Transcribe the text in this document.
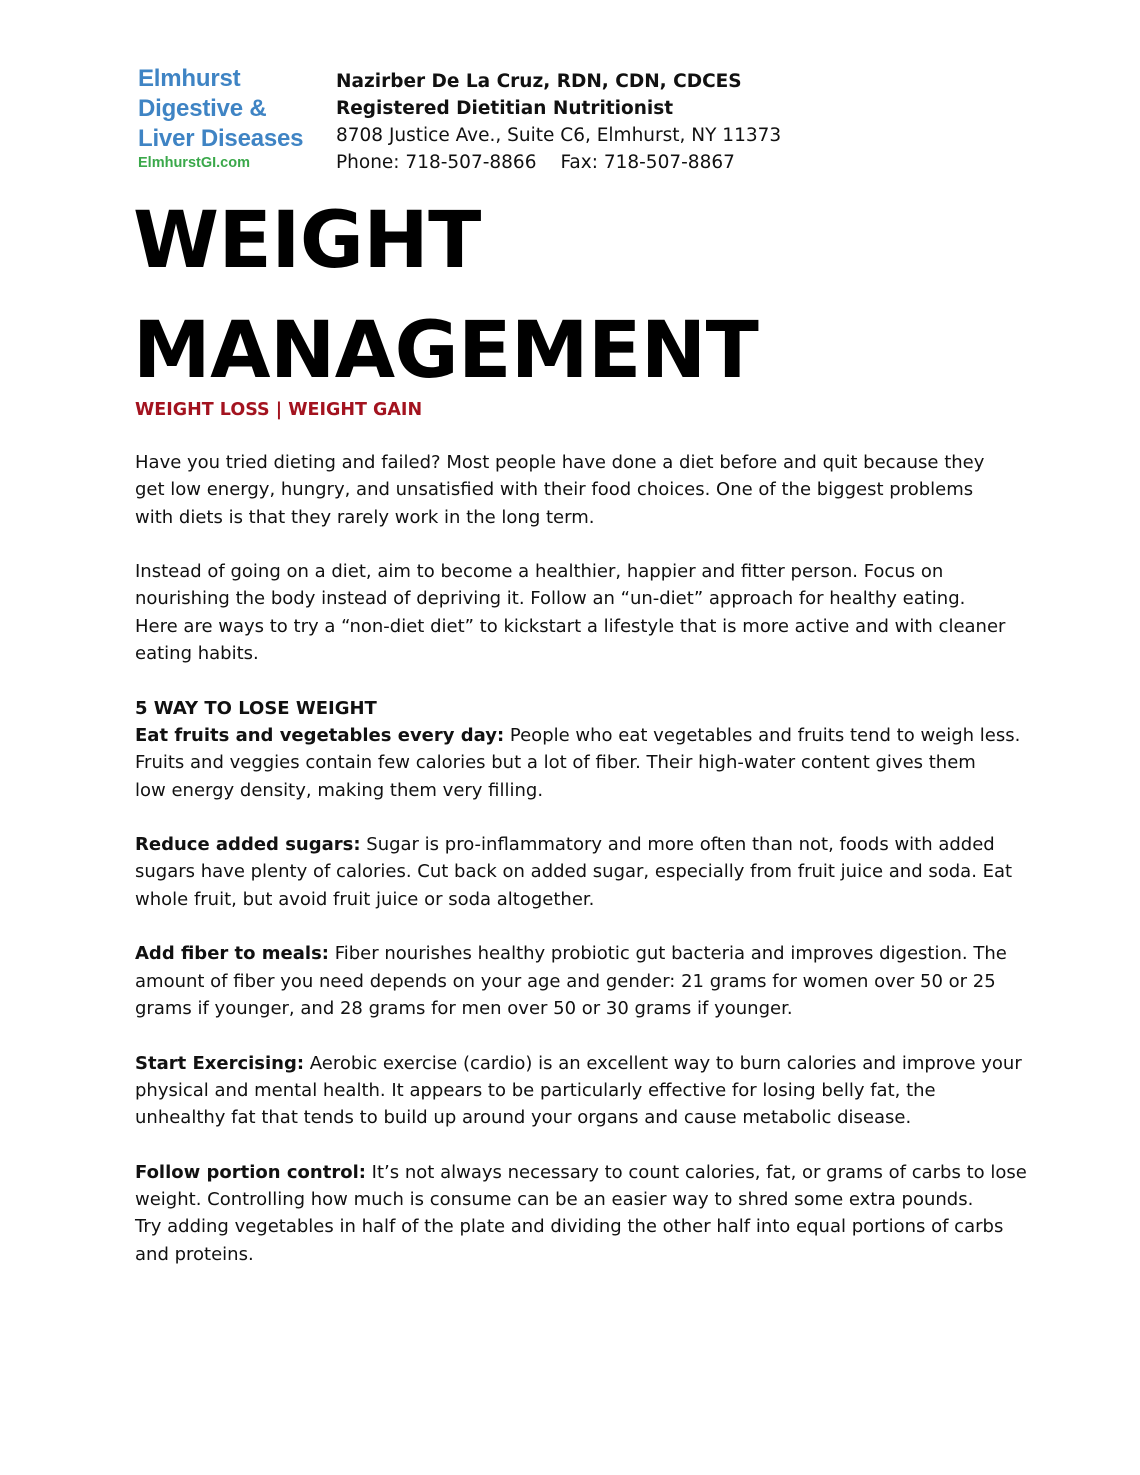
Elmhurst
Digestive &
Liver Diseases
ElmhurstGI.com
Nazirber De La Cruz, RDN, CDN, CDCES
Registered Dietitian Nutritionist
8708 Justice Ave., Suite C6, Elmhurst, NY 11373
Phone: 718-507-8866 Fax: 718-507-8867
WEIGHT
MANAGEMENT
WEIGHT LOSS | WEIGHT GAIN

Have you tried dieting and failed? Most people have done a diet before and quit because they
get low energy, hungry, and unsatisfied with their food choices. One of the biggest problems
with diets is that they rarely work in the long term.

Instead of going on a diet, aim to become a healthier, happier and fitter person. Focus on
nourishing the body instead of depriving it. Follow an “un-diet” approach for healthy eating.
Here are ways to try a “non-diet diet” to kickstart a lifestyle that is more active and with cleaner
eating habits.

5 WAY TO LOSE WEIGHT
Eat fruits and vegetables every day: People who eat vegetables and fruits tend to weigh less.
Fruits and veggies contain few calories but a lot of fiber. Their high-water content gives them
low energy density, making them very filling.

Reduce added sugars: Sugar is pro-inflammatory and more often than not, foods with added
sugars have plenty of calories. Cut back on added sugar, especially from fruit juice and soda. Eat
whole fruit, but avoid fruit juice or soda altogether.

Add fiber to meals: Fiber nourishes healthy probiotic gut bacteria and improves digestion. The
amount of fiber you need depends on your age and gender: 21 grams for women over 50 or 25
grams if younger, and 28 grams for men over 50 or 30 grams if younger.

Start Exercising: Aerobic exercise (cardio) is an excellent way to burn calories and improve your
physical and mental health. It appears to be particularly effective for losing belly fat, the
unhealthy fat that tends to build up around your organs and cause metabolic disease.

Follow portion control: It’s not always necessary to count calories, fat, or grams of carbs to lose
weight. Controlling how much is consume can be an easier way to shred some extra pounds.
Try adding vegetables in half of the plate and dividing the other half into equal portions of carbs
and proteins.
